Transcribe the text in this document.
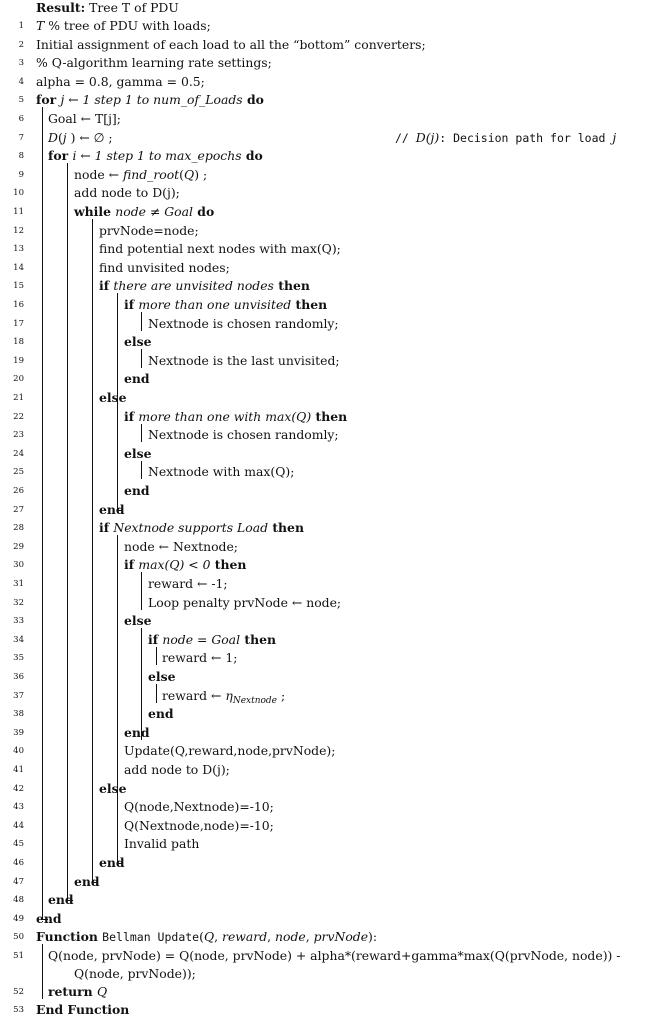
Result: Tree T of PDU
// D(j): Decision path for load j
1 T % tree of PDU with loads;
2 Initial assignment of each load to all the “bottom” converters;
3 % Q-algorithm learning rate settings;
4 alpha = 0.8, gamma = 0.5;
5 for j ← 1 step 1 to num_of_Loads do
6 Goal ← T[j];
7 D(j ) ← ∅ ;
8 for i ← 1 step 1 to max_epochs do
9	node ← find_root(Q) ;
10	add node to D(j);
11	while node ≠ Goal do
12	prvNode=node;
13	find potential next nodes with max(Q);
14	find unvisited nodes;
15	if there are unvisited nodes then
16	if more than one unvisited then
17	Nextnode is chosen randomly;
18	else
19	Nextnode is the last unvisited;
20	end
21	else
22	if more than one with max(Q) then
23	Nextnode is chosen randomly;
24	else
25	Nextnode with max(Q);
26	end
27	end
28	if Nextnode supports Load then
29	node ← Nextnode;
30	if max(Q) < 0 then
31	reward ← -1;
32	Loop penalty prvNode ← node;
33	else
34	if node = Goal then
35	reward ← 1;
36	else
37	reward ← $\eta_{Nextnode}$ ;
38	end
39	end
40	Update(Q,reward,node,prvNode);
41	add node to D(j);
42	else
43	Q(node,Nextnode)=-10;
44	Q(Nextnode,node)=-10;
45	Invalid path
46	end
47	end
48 end
49 end
50 Function Bellman Update(Q, reward, node, prvNode):
51 Q(node, prvNode) = Q(node, prvNode) + alpha*(reward+gamma*max(Q(prvNode, node)) -
Q(node, prvNode));
52 return Q
53 End Function
